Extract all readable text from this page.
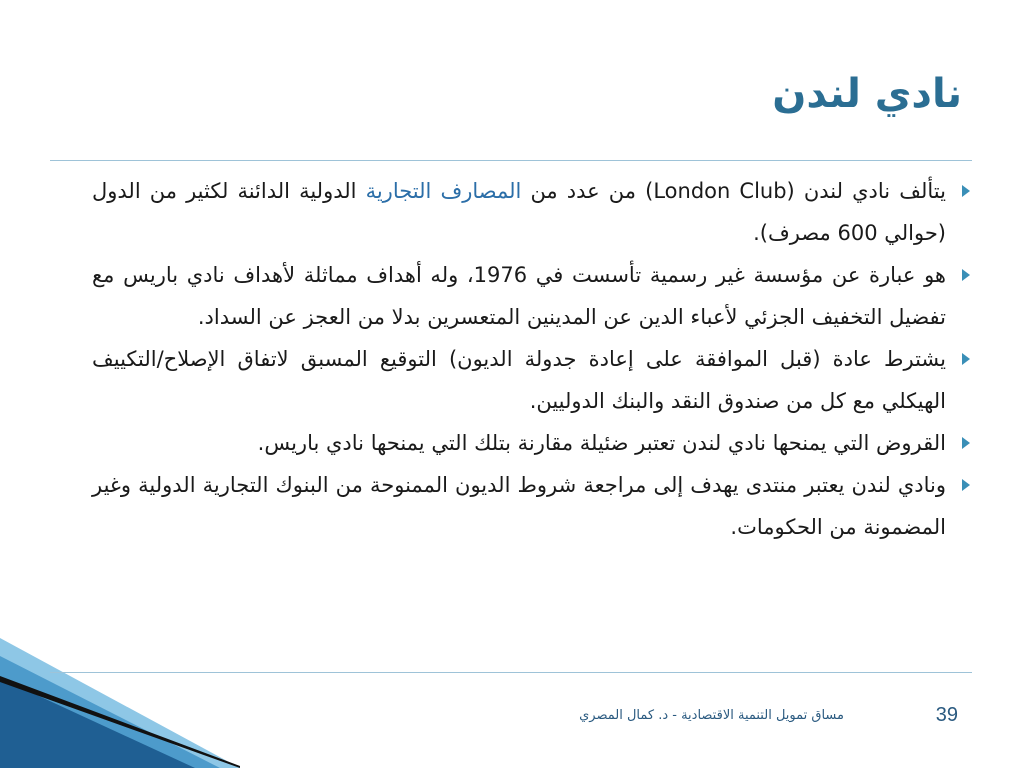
نادي لندن
يتألف نادي لندن (London Club) من عدد من المصارف التجارية الدولية الدائنة لكثير من الدول (حوالي 600 مصرف).
هو عبارة عن مؤسسة غير رسمية تأسست في 1976، وله أهداف مماثلة لأهداف نادي باريس مع تفضيل التخفيف الجزئي لأعباء الدين عن المدينين المتعسرين بدلا من العجز عن السداد.
يشترط عادة (قبل الموافقة على إعادة جدولة الديون) التوقيع المسبق لاتفاق الإصلاح/التكييف الهيكلي مع كل من صندوق النقد والبنك الدوليين.
القروض التي يمنحها نادي لندن تعتبر ضئيلة مقارنة بتلك التي يمنحها نادي باريس.
ونادي لندن يعتبر منتدى يهدف إلى مراجعة شروط الديون الممنوحة من البنوك التجارية الدولية وغير المضمونة من الحكومات.
مساق تمويل التنمية الاقتصادية - د. كمال المصري	39
